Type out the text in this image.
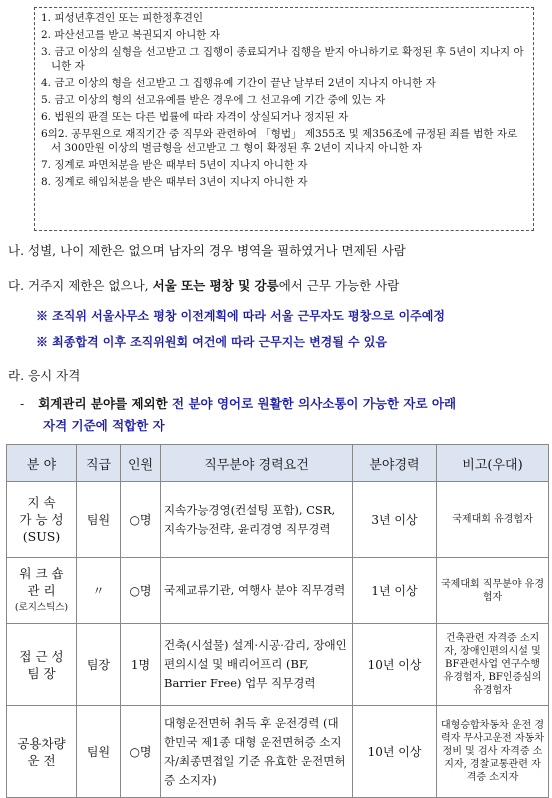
1. 피성년후견인 또는 피한정후견인
2. 파산선고를 받고 복권되지 아니한 자
3. 금고 이상의 실형을 선고받고 그 집행이 종료되거나 집행을 받지 아니하기로 확정된 후 5년이 지나지 아니한 자
4. 금고 이상의 형을 선고받고 그 집행유예 기간이 끝난 날부터 2년이 지나지 아니한 자
5. 금고 이상의 형의 선고유예를 받은 경우에 그 선고유예 기간 중에 있는 자
6. 법원의 판결 또는 다른 법률에 따라 자격이 상실되거나 정지된 자
6의2. 공무원으로 재직기간 중 직무와 관련하여 「형법」 제355조 및 제356조에 규정된 죄를 범한 자로서 300만원 이상의 벌금형을 선고받고 그 형이 확정된 후 2년이 지나지 아니한 자
7. 징계로 파면처분을 받은 때부터 5년이 지나지 아니한 자
8. 징계로 해임처분을 받은 때부터 3년이 지나지 아니한 자
나. 성별, 나이 제한은 없으며 남자의 경우 병역을 필하였거나 면제된 사람
다. 거주지 제한은 없으나, 서울 또는 평창 및 강릉에서 근무 가능한 사람
※ 조직위 서울사무소 평창 이전계획에 따라 서울 근무자도 평창으로 이주예정
※ 최종합격 이후 조직위원회 여건에 따라 근무지는 변경될 수 있음
라. 응시 자격
- 회계관리 분야를 제외한 전 분야 영어로 원활한 의사소통이 가능한 자로 아래
자격 기준에 적합한 자
분 야	직급	인원	직무분야 경력요건	분야경력	비고(우대)

지 속
가 능 성
(SUS)	팀원	○명	지속가능경영(컨설팅 포함), CSR, 지속가능전략, 윤리경영 직무경력	3년 이상	국제대회 유경험자

워 크 숍
관 리
(로지스틱스)	〃	○명	국제교류기관, 여행사 분야 직무경력	1년 이상	국제대회 직무분야 유경험자

접 근 성
팀 장	팀장	1명	건축(시설물) 설계·시공·감리, 장애인 편의시설 및 배리어프리 (BF, Barrier Free) 업무 직무경력	10년 이상	건축관련 자격증 소지자, 장애인편의시설 및 BF관련사업 연구수행 유경험자, BF인증심의 유경험자

공용차량
운 전	팀원	○명	대형운전면허 취득 후 운전경력 (대한민국 제1종 대형 운전면허증 소지자/최종면접일 기준 유효한 운전면허증 소지자)	10년 이상	대형승합차동차 운전 경력자 무사고운전 자동차정비 및 검사 자격증 소지자, 경찰교통관련 자격증 소지자
